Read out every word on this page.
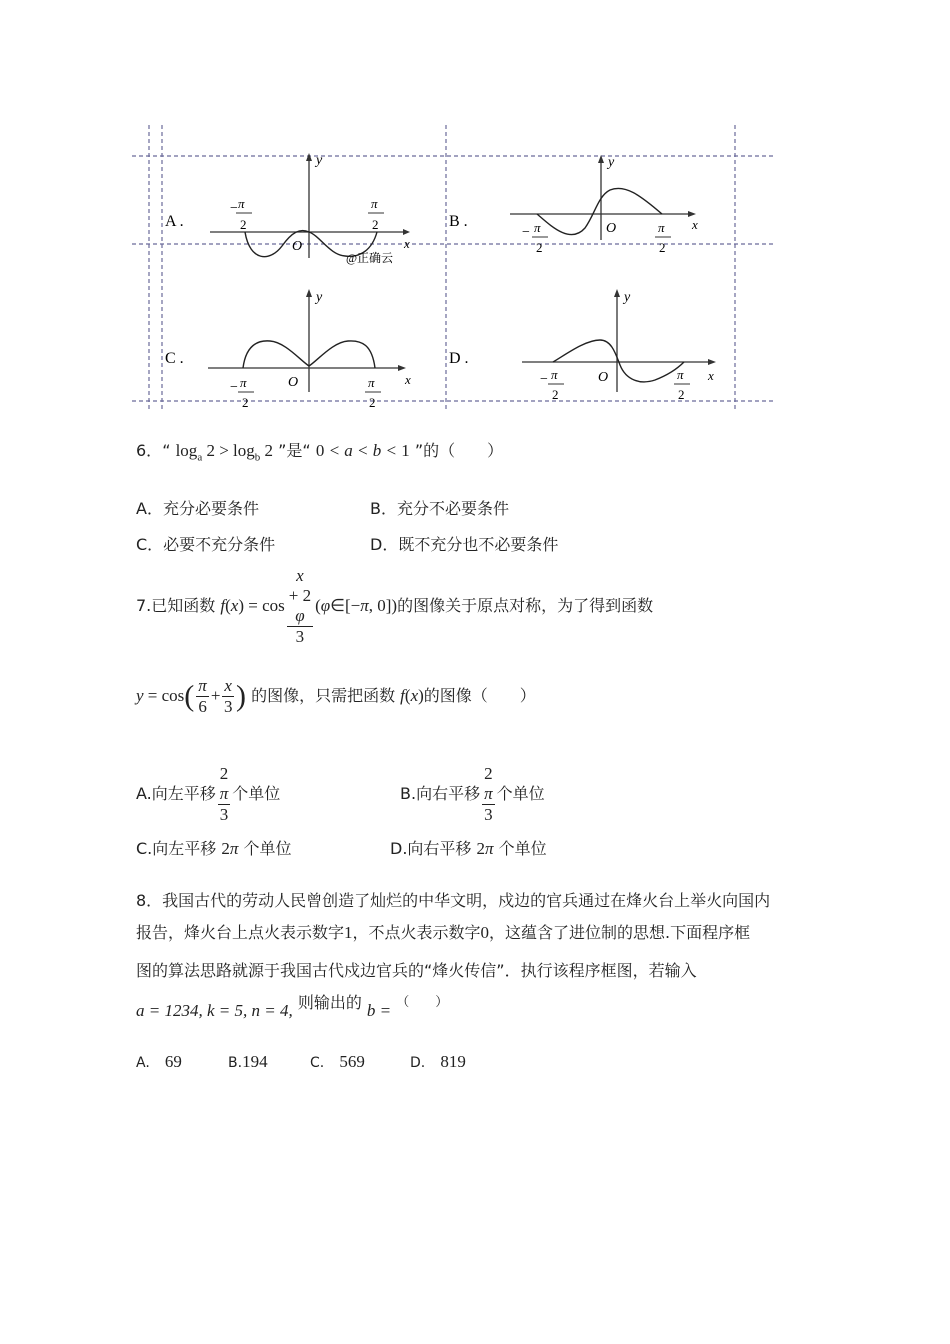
A .
x
y
− π
2
π
2
O
@正确云
B .	x
y
− π
2
π
2
O
C .
x
y
− π
2
π
2
O
D .
x
y
− π
2
π
2
O
6．“ $\log_a 2 > \log_b 2$ ”是“ 0 < a < b < 1 ”的（　　）
A．充分必要条件	B．充分不必要条件
C．必要不充分条件	D．既不充分也不必要条件
7.已知函数 f(x) = cos x
+ 2
φ
3 (φ∈[−π, 0])的图像关于原点对称，为了得到函数
$y = \cos( \frac{\pi}{6} + \frac{x}{3}$ ) 的图像，只需把函数 f(x)的图像（　　）
A.向左平移 2
π
3 个单位	B.向右平移 2
π
3 个单位
C.向左平移 2π 个单位	D.向右平移 2π 个单位
8．我国古代的劳动人民曾创造了灿烂的中华文明，戍边的官兵通过在烽火台上举火向国内
报告，烽火台上点火表示数字1，不点火表示数字0，这蕴含了进位制的思想.下面程序框
图的算法思路就源于我国古代戍边官兵的“烽火传信”．执行该程序框图，若输入
a = 1234, k = 5, n = 4, 则输出的 b = （　　）
A. 69	B.194	C. 569	D. 819
